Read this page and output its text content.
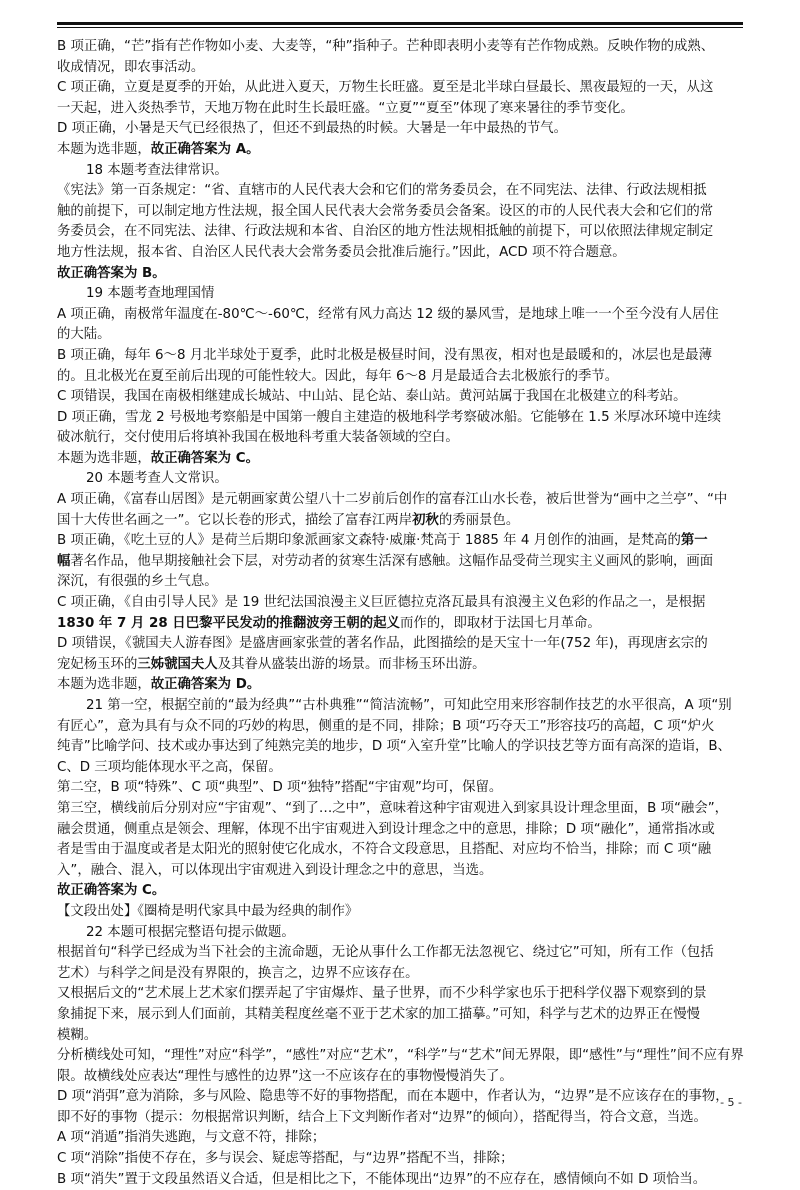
B 项正确，“芒”指有芒作物如小麦、大麦等，“种”指种子。芒种即表明小麦等有芒作物成熟。反映作物的成熟、
收成情况，即农事活动。
C 项正确，立夏是夏季的开始，从此进入夏天，万物生长旺盛。夏至是北半球白昼最长、黑夜最短的一天，从这
一天起，进入炎热季节，天地万物在此时生长最旺盛。“立夏”“夏至”体现了寒来暑往的季节变化。
D 项正确，小暑是天气已经很热了，但还不到最热的时候。大暑是一年中最热的节气。
本题为选非题，故正确答案为 A。
18 本题考查法律常识。
《宪法》第一百条规定：“省、直辖市的人民代表大会和它们的常务委员会，在不同宪法、法律、行政法规相抵
触的前提下，可以制定地方性法规，报全国人民代表大会常务委员会备案。设区的市的人民代表大会和它们的常
务委员会，在不同宪法、法律、行政法规和本省、自治区的地方性法规相抵触的前提下，可以依照法律规定制定
地方性法规，报本省、自治区人民代表大会常务委员会批准后施行。”因此，ACD 项不符合题意。
故正确答案为 B。
19 本题考查地理国情
A 项正确，南极常年温度在-80℃～-60℃，经常有风力高达 12 级的暴风雪，是地球上唯一一个至今没有人居住
的大陆。
B 项正确，每年 6～8 月北半球处于夏季，此时北极是极昼时间，没有黑夜，相对也是最暖和的，冰层也是最薄
的。且北极光在夏至前后出现的可能性较大。因此，每年 6～8 月是最适合去北极旅行的季节。
C 项错误，我国在南极相继建成长城站、中山站、昆仑站、泰山站。黄河站属于我国在北极建立的科考站。
D 项正确，雪龙 2 号极地考察船是中国第一艘自主建造的极地科学考察破冰船。它能够在 1.5 米厚冰环境中连续
破冰航行，交付使用后将填补我国在极地科考重大装备领域的空白。
本题为选非题，故正确答案为 C。
20 本题考查人文常识。
A 项正确，《富春山居图》是元朝画家黄公望八十二岁前后创作的富春江山水长卷，被后世誉为“画中之兰亭”、“中
国十大传世名画之一”。它以长卷的形式，描绘了富春江两岸初秋的秀丽景色。
B 项正确，《吃土豆的人》是荷兰后期印象派画家文森特·威廉·梵高于 1885 年 4 月创作的油画，是梵高的第一
幅著名作品，他早期接触社会下层，对劳动者的贫寒生活深有感触。这幅作品受荷兰现实主义画风的影响，画面
深沉，有很强的乡土气息。
C 项正确，《自由引导人民》是 19 世纪法国浪漫主义巨匠德拉克洛瓦最具有浪漫主义色彩的作品之一，是根据
1830 年 7 月 28 日巴黎平民发动的推翻波旁王朝的起义而作的，即取材于法国七月革命。
D 项错误，《虢国夫人游春图》是盛唐画家张萱的著名作品，此图描绘的是天宝十一年(752 年)，再现唐玄宗的
宠妃杨玉环的三姊虢国夫人及其眷从盛装出游的场景。而非杨玉环出游。
本题为选非题，故正确答案为 D。
21 第一空，根据空前的“最为经典”“古朴典雅”“简洁流畅”，可知此空用来形容制作技艺的水平很高，A 项“别
有匠心”，意为具有与众不同的巧妙的构思，侧重的是不同，排除；B 项“巧夺天工”形容技巧的高超，C 项“炉火
纯青”比喻学问、技术或办事达到了纯熟完美的地步，D 项“入室升堂”比喻人的学识技艺等方面有高深的造诣，B、
C、D 三项均能体现水平之高，保留。
第二空，B 项“特殊”、C 项“典型”、D 项“独特”搭配“宇宙观”均可，保留。
第三空，横线前后分别对应“宇宙观”、“到了…之中”，意味着这种宇宙观进入到家具设计理念里面，B 项“融会”，
融会贯通，侧重点是领会、理解，体现不出宇宙观进入到设计理念之中的意思，排除；D 项“融化”，通常指冰或
者是雪由于温度或者是太阳光的照射使它化成水，不符合文段意思，且搭配、对应均不恰当，排除；而 C 项“融
入”，融合、混入，可以体现出宇宙观进入到设计理念之中的意思，当选。
故正确答案为 C。
【文段出处】《圈椅是明代家具中最为经典的制作》
22 本题可根据完整语句提示做题。
根据首句“科学已经成为当下社会的主流命题，无论从事什么工作都无法忽视它、绕过它”可知，所有工作（包括
艺术）与科学之间是没有界限的，换言之，边界不应该存在。
又根据后文的“艺术展上艺术家们摆弄起了宇宙爆炸、量子世界，而不少科学家也乐于把科学仪器下观察到的景
象捕捉下来，展示到人们面前，其精美程度丝毫不亚于艺术家的加工描摹。”可知，科学与艺术的边界正在慢慢
模糊。
分析横线处可知，“理性”对应“科学”，“感性”对应“艺术”，“科学”与“艺术”间无界限，即“感性”与“理性”间不应有界
限。故横线处应表达“理性与感性的边界”这一不应该存在的事物慢慢消失了。
D 项“消弭”意为消除，多与风险、隐患等不好的事物搭配，而在本题中，作者认为，“边界”是不应该存在的事物，
即不好的事物（提示：勿根据常识判断，结合上下文判断作者对“边界”的倾向），搭配得当，符合文意，当选。
A 项“消遁”指消失逃跑，与文意不符，排除；
C 项“消除”指使不存在，多与误会、疑虑等搭配，与“边界”搭配不当，排除；
B 项“消失”置于文段虽然语义合适，但是相比之下，不能体现出“边界”的不应存在，感情倾向不如 D 项恰当。
- 5 -
